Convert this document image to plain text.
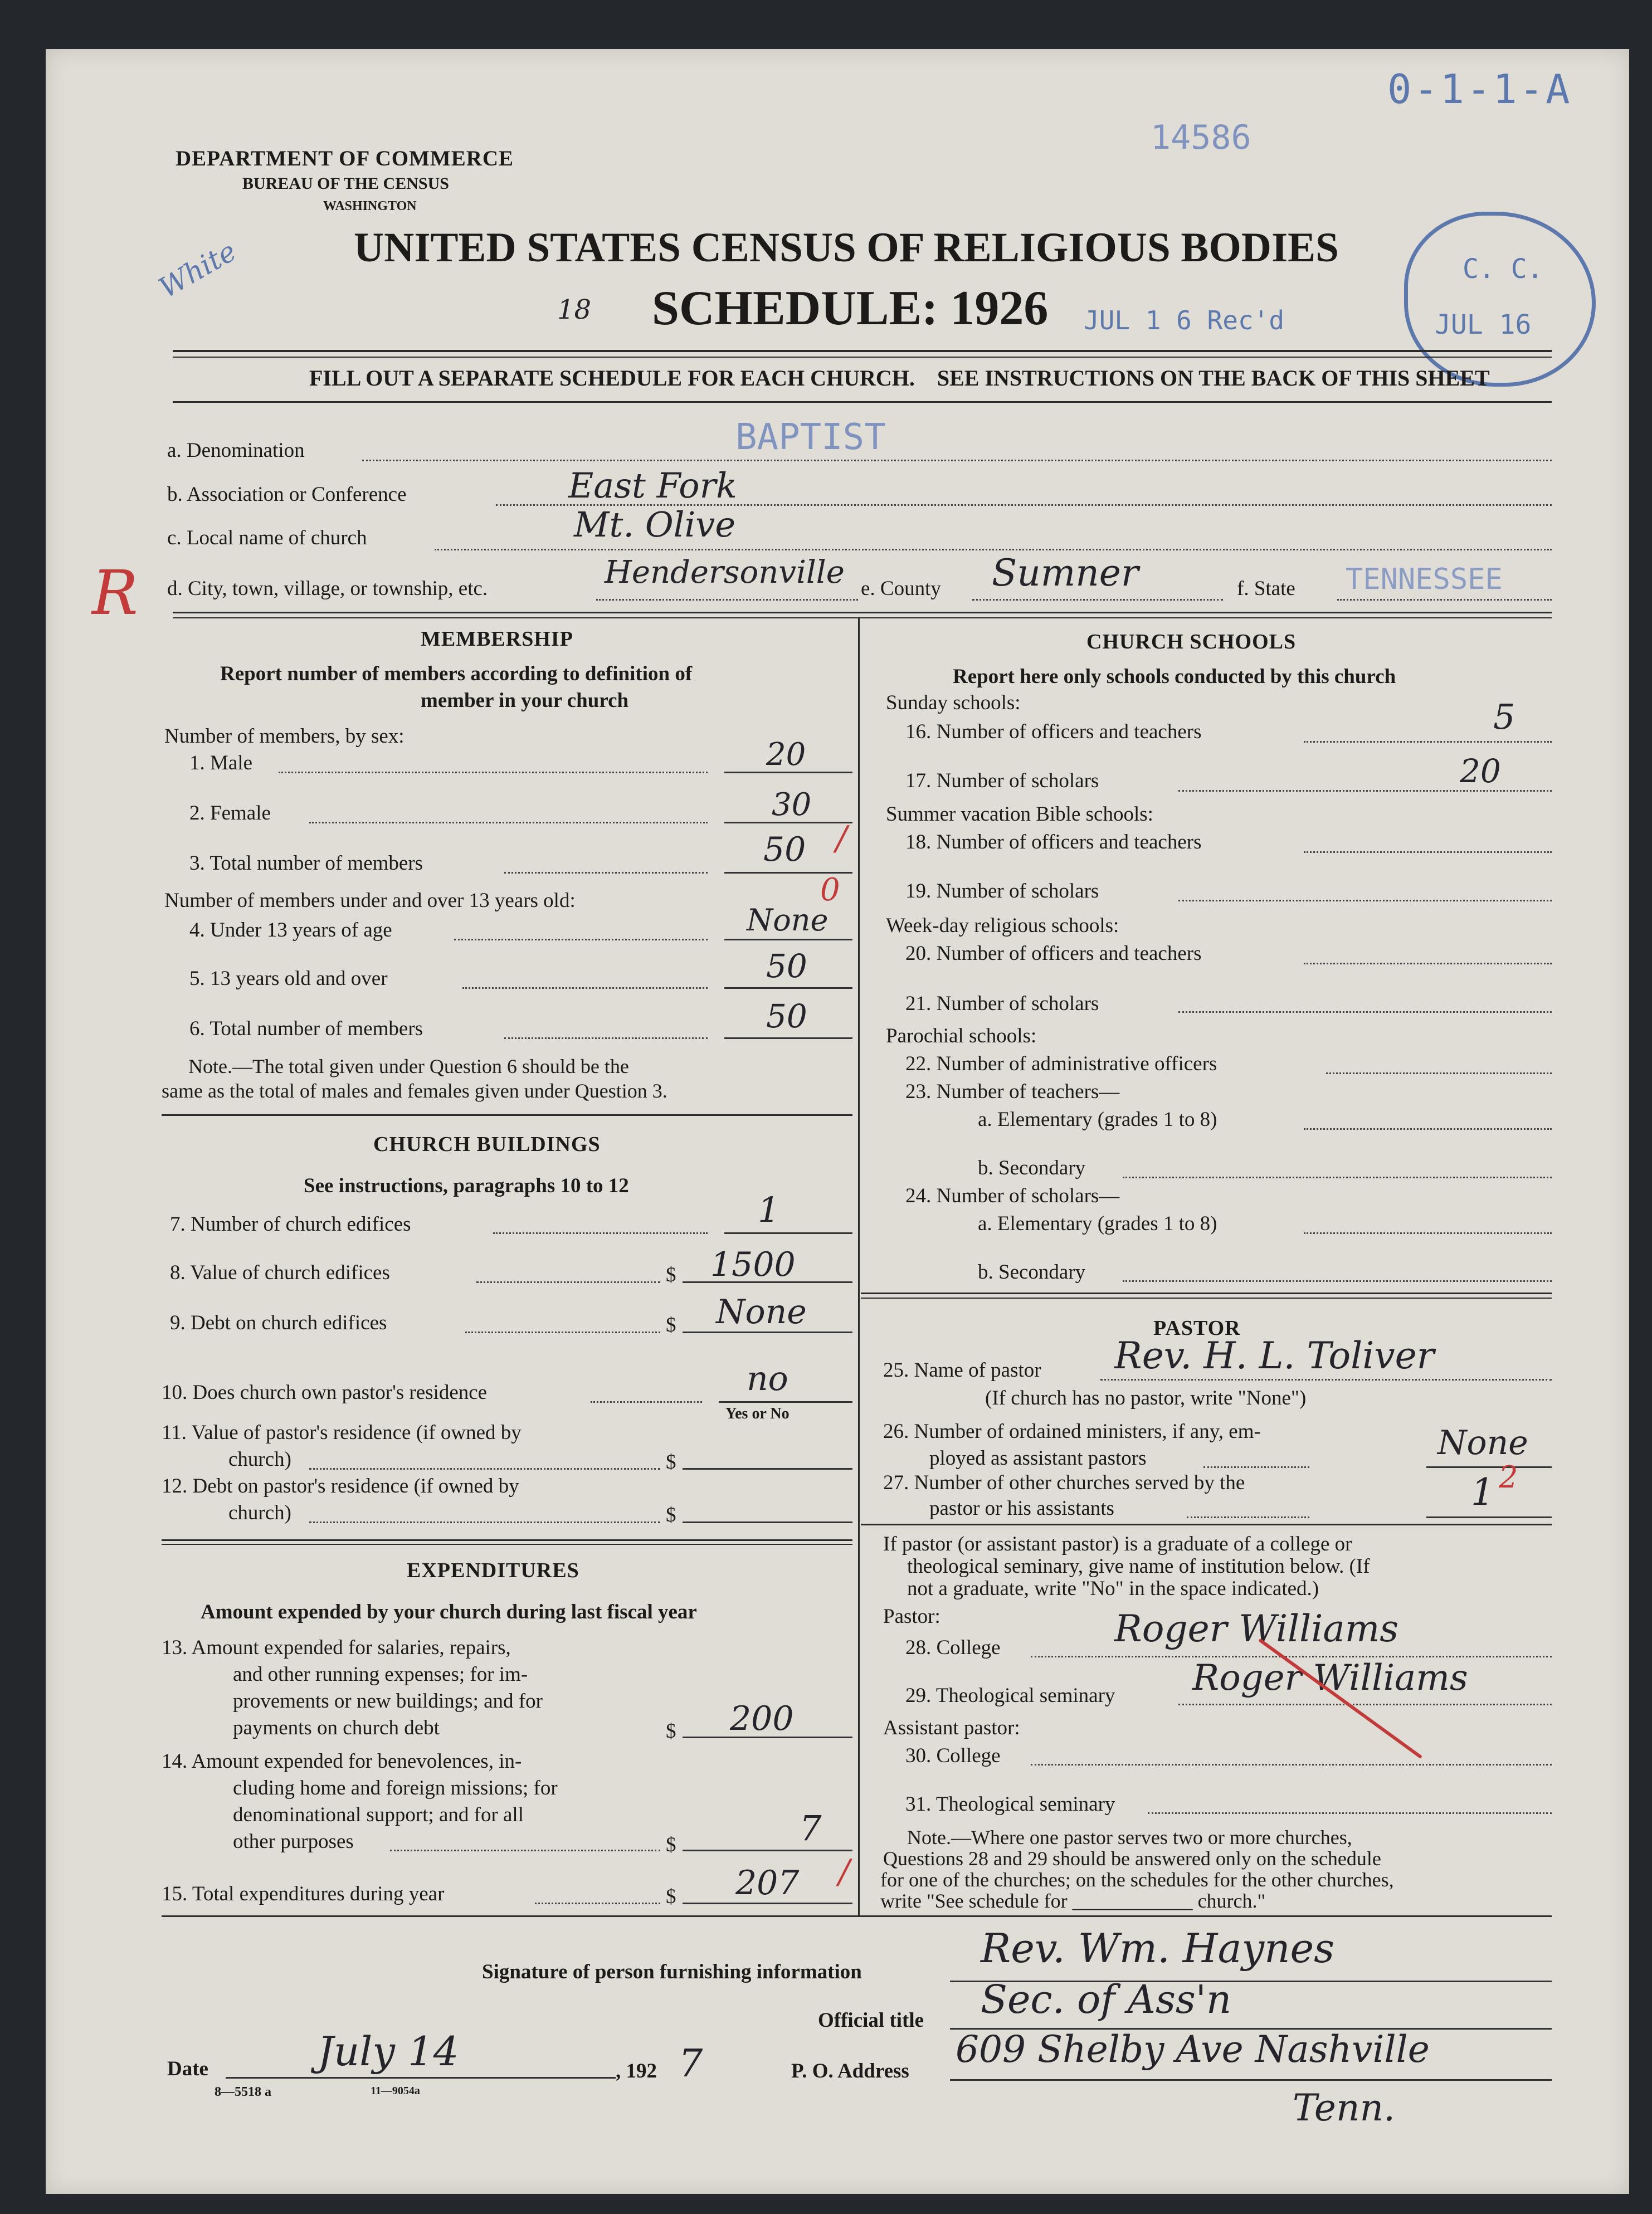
0-1-1-A
14586
JUL 1 6 Rec'd
C. C.
JUL 16
White
18
R
DEPARTMENT OF COMMERCE
BUREAU OF THE CENSUS
WASHINGTON
UNITED STATES CENSUS OF RELIGIOUS BODIES
SCHEDULE: 1926
FILL OUT A SEPARATE SCHEDULE FOR EACH CHURCH.    SEE INSTRUCTIONS ON THE BACK OF THIS SHEET
a. Denomination	BAPTIST
b. Association or Conference	East Fork
c. Local name of church	Mt. Olive
d. City, town, village, or township, etc.	Hendersonville e. County Sumner	f. State TENNESSEE
MEMBERSHIP
Report number of members according to definition of
member in your church
Number of members, by sex:
1. Male	20
2. Female	30
3. Total number of members	50 /
Number of members under and over 13 years old:	0
4. Under 13 years of age	None
5. 13 years old and over	50
6. Total number of members	50
Note.—The total given under Question 6 should be the
same as the total of males and females given under Question 3.
CHURCH BUILDINGS
See instructions, paragraphs 10 to 12
7. Number of church edifices	1
8. Value of church edifices	$ 1500
9. Debt on church edifices	$ None
10. Does church own pastor's residence	no
Yes or No
11. Value of pastor's residence (if owned by
church)	$
12. Debt on pastor's residence (if owned by
church)	$
EXPENDITURES
Amount expended by your church during last fiscal year
13. Amount expended for salaries, repairs,
and other running expenses; for im-
provements or new buildings; and for
payments on church debt	$ 200
14. Amount expended for benevolences, in-
cluding home and foreign missions; for
denominational support; and for all
other purposes	$	7
15. Total expenditures during year	$ 207 /
CHURCH SCHOOLS
Report here only schools conducted by this church
Sunday schools:
16. Number of officers and teachers	5
17. Number of scholars	20
Summer vacation Bible schools:
18. Number of officers and teachers
19. Number of scholars
Week-day religious schools:
20. Number of officers and teachers
21. Number of scholars
Parochial schools:
22. Number of administrative officers
23. Number of teachers—
a. Elementary (grades 1 to 8)
b. Secondary
24. Number of scholars—
a. Elementary (grades 1 to 8)
b. Secondary
PASTOR
25. Name of pastor Rev. H. L. Toliver
(If church has no pastor, write "None")
26. Number of ordained ministers, if any, em-
ployed as assistant pastors	None
27. Number of other churches served by the
pastor or his assistants	1 2
If pastor (or assistant pastor) is a graduate of a college or
theological seminary, give name of institution below. (If
not a graduate, write "No" in the space indicated.)
Pastor:
28. College	Roger Williams
29. Theological seminary Roger Williams
Assistant pastor:
30. College
31. Theological seminary
Note.—Where one pastor serves two or more churches,
Questions 28 and 29 should be answered only on the schedule
for one of the churches; on the schedules for the other churches,
write "See schedule for ____________ church."
Signature of person furnishing information
Rev. Wm. Haynes
Official title Sec. of Ass'n
Date	July 14	, 192 7	P. O. Address
609 Shelby Ave Nashville
Tenn.
8—5518 a	11—9054a
